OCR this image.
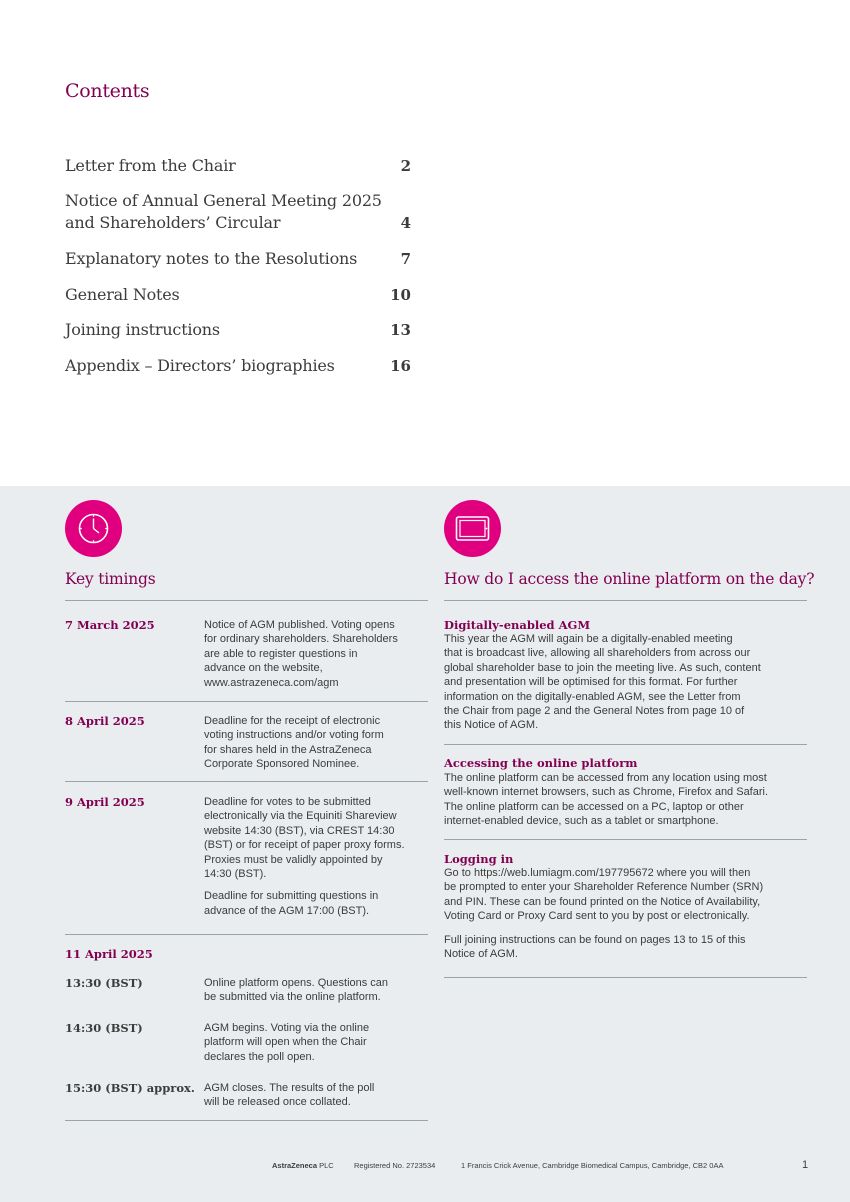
Contents
Letter from the Chair	2
Notice of Annual General Meeting 2025
and Shareholders’ Circular	4
Explanatory notes to the Resolutions	7
General Notes	10
Joining instructions	13
Appendix – Directors’ biographies	16
Key timings
7 March 2025	Notice of AGM published. Voting opens
for ordinary shareholders. Shareholders
are able to register questions in
advance on the website,
www.astrazeneca.com/agm
8 April 2025	Deadline for the receipt of electronic
voting instructions and/or voting form
for shares held in the AstraZeneca
Corporate Sponsored Nominee.
9 April 2025	Deadline for votes to be submitted
electronically via the Equiniti Shareview
website 14:30 (BST), via CREST 14:30
(BST) or for receipt of paper proxy forms.
Proxies must be validly appointed by
14:30 (BST).
Deadline for submitting questions in
advance of the AGM 17:00 (BST).
11 April 2025
13:30 (BST)	Online platform opens. Questions can
be submitted via the online platform.
14:30 (BST)	AGM begins. Voting via the online
platform will open when the Chair
declares the poll open.
15:30 (BST) approx. AGM closes. The results of the poll
will be released once collated.
How do I access the online platform on the day?
Digitally-enabled AGM
This year the AGM will again be a digitally-enabled meeting
that is broadcast live, allowing all shareholders from across our
global shareholder base to join the meeting live. As such, content
and presentation will be optimised for this format. For further
information on the digitally-enabled AGM, see the Letter from
the Chair from page 2 and the General Notes from page 10 of
this Notice of AGM.
Accessing the online platform
The online platform can be accessed from any location using most
well-known internet browsers, such as Chrome, Firefox and Safari.
The online platform can be accessed on a PC, laptop or other
internet-enabled device, such as a tablet or smartphone.
Logging in
Go to https://web.lumiagm.com/197795672 where you will then
be prompted to enter your Shareholder Reference Number (SRN)
and PIN. These can be found printed on the Notice of Availability,
Voting Card or Proxy Card sent to you by post or electronically.
Full joining instructions can be found on pages 13 to 15 of this
Notice of AGM.
AstraZeneca PLC	Registered No. 2723534	1 Francis Crick Avenue, Cambridge Biomedical Campus, Cambridge, CB2 0AA	1
